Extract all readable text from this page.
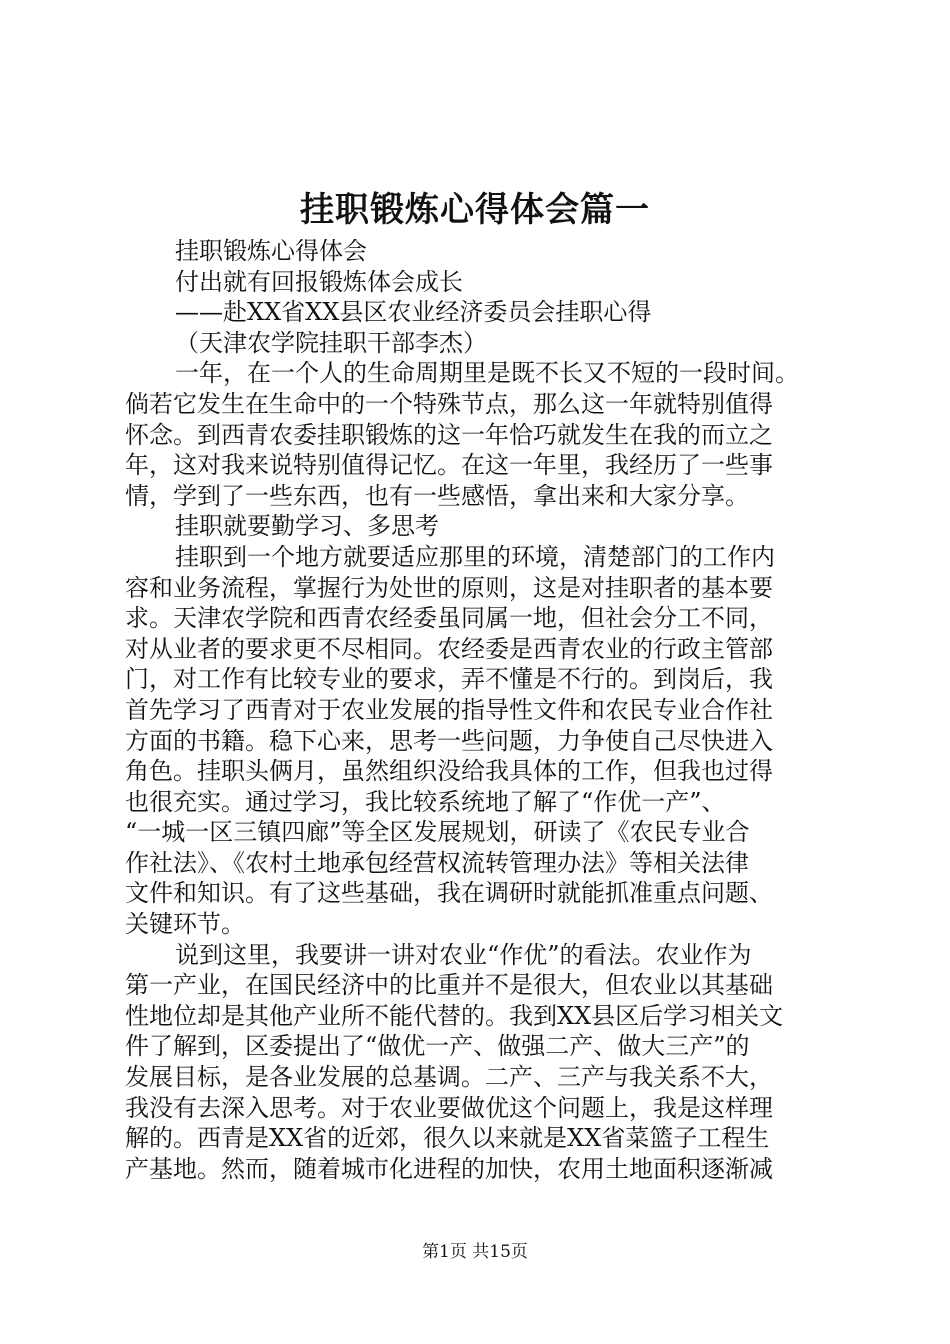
挂职锻炼心得体会篇一
挂职锻炼心得体会
付出就有回报锻炼体会成长
——赴XX省XX县区农业经济委员会挂职心得
（天津农学院挂职干部李杰）
一年，在一个人的生命周期里是既不长又不短的一段时间。
倘若它发生在生命中的一个特殊节点，那么这一年就特别值得
怀念。到西青农委挂职锻炼的这一年恰巧就发生在我的而立之
年，这对我来说特别值得记忆。在这一年里，我经历了一些事
情，学到了一些东西，也有一些感悟，拿出来和大家分享。
挂职就要勤学习、多思考
挂职到一个地方就要适应那里的环境，清楚部门的工作内
容和业务流程，掌握行为处世的原则，这是对挂职者的基本要
求。天津农学院和西青农经委虽同属一地，但社会分工不同，
对从业者的要求更不尽相同。农经委是西青农业的行政主管部
门，对工作有比较专业的要求，弄不懂是不行的。到岗后，我
首先学习了西青对于农业发展的指导性文件和农民专业合作社
方面的书籍。稳下心来，思考一些问题，力争使自己尽快进入
角色。挂职头俩月，虽然组织没给我具体的工作，但我也过得
也很充实。通过学习，我比较系统地了解了“作优一产”、
“一城一区三镇四廊”等全区发展规划，研读了《农民专业合
作社法》、《农村土地承包经营权流转管理办法》等相关法律
文件和知识。有了这些基础，我在调研时就能抓准重点问题、
关键环节。
说到这里，我要讲一讲对农业“作优”的看法。农业作为
第一产业，在国民经济中的比重并不是很大，但农业以其基础
性地位却是其他产业所不能代替的。我到XX县区后学习相关文
件了解到，区委提出了“做优一产、做强二产、做大三产”的
发展目标，是各业发展的总基调。二产、三产与我关系不大，
我没有去深入思考。对于农业要做优这个问题上，我是这样理
解的。西青是XX省的近郊，很久以来就是XX省菜篮子工程生
产基地。然而，随着城市化进程的加快，农用土地面积逐渐减
第1页 共15页
